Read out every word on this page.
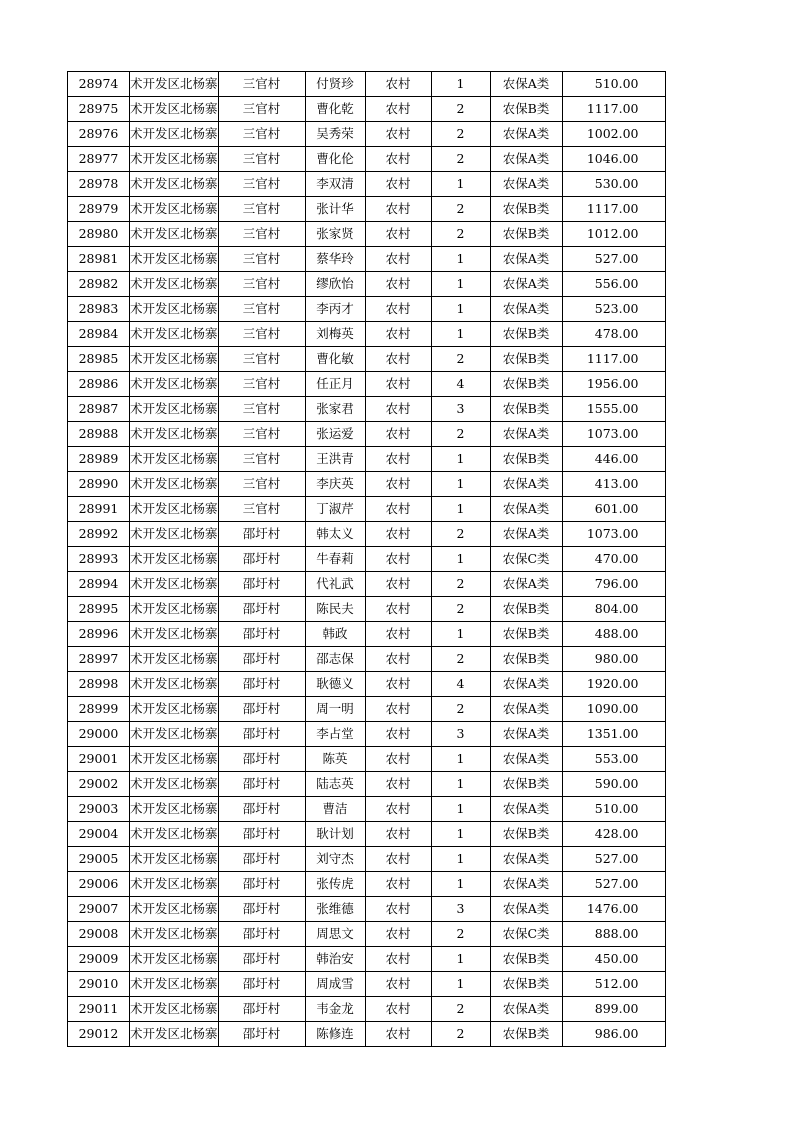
28974	术开发区北杨寨	三官村	付贤珍	农村	1	农保A类	510.00
28975	术开发区北杨寨	三官村	曹化乾	农村	2	农保B类	1117.00
28976	术开发区北杨寨	三官村	吴秀荣	农村	2	农保A类	1002.00
28977	术开发区北杨寨	三官村	曹化伦	农村	2	农保A类	1046.00
28978	术开发区北杨寨	三官村	李双清	农村	1	农保A类	530.00
28979	术开发区北杨寨	三官村	张计华	农村	2	农保B类	1117.00
28980	术开发区北杨寨	三官村	张家贤	农村	2	农保B类	1012.00
28981	术开发区北杨寨	三官村	蔡华玲	农村	1	农保A类	527.00
28982	术开发区北杨寨	三官村	缪欣怡	农村	1	农保A类	556.00
28983	术开发区北杨寨	三官村	李丙才	农村	1	农保A类	523.00
28984	术开发区北杨寨	三官村	刘梅英	农村	1	农保B类	478.00
28985	术开发区北杨寨	三官村	曹化敏	农村	2	农保B类	1117.00
28986	术开发区北杨寨	三官村	任正月	农村	4	农保B类	1956.00
28987	术开发区北杨寨	三官村	张家君	农村	3	农保B类	1555.00
28988	术开发区北杨寨	三官村	张运爱	农村	2	农保A类	1073.00
28989	术开发区北杨寨	三官村	王洪青	农村	1	农保B类	446.00
28990	术开发区北杨寨	三官村	李庆英	农村	1	农保A类	413.00
28991	术开发区北杨寨	三官村	丁淑芹	农村	1	农保A类	601.00
28992	术开发区北杨寨	邵圩村	韩太义	农村	2	农保A类	1073.00
28993	术开发区北杨寨	邵圩村	牛春莉	农村	1	农保C类	470.00
28994	术开发区北杨寨	邵圩村	代礼武	农村	2	农保A类	796.00
28995	术开发区北杨寨	邵圩村	陈民夫	农村	2	农保B类	804.00
28996	术开发区北杨寨	邵圩村	韩政	农村	1	农保B类	488.00
28997	术开发区北杨寨	邵圩村	邵志保	农村	2	农保B类	980.00
28998	术开发区北杨寨	邵圩村	耿德义	农村	4	农保A类	1920.00
28999	术开发区北杨寨	邵圩村	周一明	农村	2	农保A类	1090.00
29000	术开发区北杨寨	邵圩村	李占堂	农村	3	农保A类	1351.00
29001	术开发区北杨寨	邵圩村	陈英	农村	1	农保A类	553.00
29002	术开发区北杨寨	邵圩村	陆志英	农村	1	农保B类	590.00
29003	术开发区北杨寨	邵圩村	曹洁	农村	1	农保A类	510.00
29004	术开发区北杨寨	邵圩村	耿计划	农村	1	农保B类	428.00
29005	术开发区北杨寨	邵圩村	刘守杰	农村	1	农保A类	527.00
29006	术开发区北杨寨	邵圩村	张传虎	农村	1	农保A类	527.00
29007	术开发区北杨寨	邵圩村	张维德	农村	3	农保A类	1476.00
29008	术开发区北杨寨	邵圩村	周思文	农村	2	农保C类	888.00
29009	术开发区北杨寨	邵圩村	韩治安	农村	1	农保B类	450.00
29010	术开发区北杨寨	邵圩村	周成雪	农村	1	农保B类	512.00
29011	术开发区北杨寨	邵圩村	韦金龙	农村	2	农保A类	899.00
29012	术开发区北杨寨	邵圩村	陈修连	农村	2	农保B类	986.00
